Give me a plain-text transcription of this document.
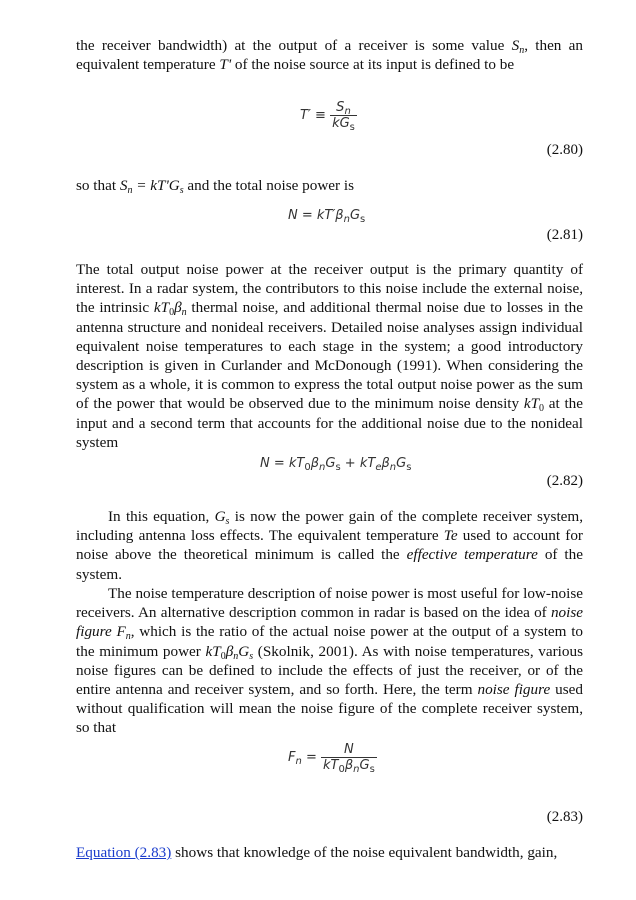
the receiver bandwidth) at the output of a receiver is some value $S_n$, then an equivalent temperature T' of the noise source at its input is defined to be

$T' \equiv \frac{S_n}{kG_s}$
(2.80)

so that $S_n = kT'G_s$ and the total noise power is

$N = kT'\beta_nG_s$
(2.81)

The total output noise power at the receiver output is the primary quantity of interest. In a radar system, the contributors to this noise include the external noise, the intrinsic $kT_0\beta_n$ thermal noise, and additional thermal noise due to losses in the antenna structure and nonideal receivers. Detailed noise analyses assign individual equivalent noise temperatures to each stage in the system; a good introductory description is given in Curlander and McDonough (1991). When considering the system as a whole, it is common to express the total output noise power as the sum of the power that would be observed due to the minimum noise density $kT_0$ at the input and a second term that accounts for the additional noise due to the nonideal system

$N = kT_0\beta_nG_s + kT_e\beta_nG_s$
(2.82)

In this equation, $G_s$ is now the power gain of the complete receiver system, including antenna loss effects. The equivalent temperature Te used to account for noise above the theoretical minimum is called the effective temperature of the system.

The noise temperature description of noise power is most useful for low-noise receivers. An alternative description common in radar is based on the idea of noise figure $F_n$, which is the ratio of the actual noise power at the output of a system to the minimum power $kT_0\beta_nG_s$ (Skolnik, 2001). As with noise temperatures, various noise figures can be defined to include the effects of just the receiver, or of the entire antenna and receiver system, and so forth. Here, the term noise figure used without qualification will mean the noise figure of the complete receiver system, so that

$F_n = \frac{N}{kT_0\beta_nG_s}$
(2.83)

Equation (2.83) shows that knowledge of the noise equivalent bandwidth, gain,
